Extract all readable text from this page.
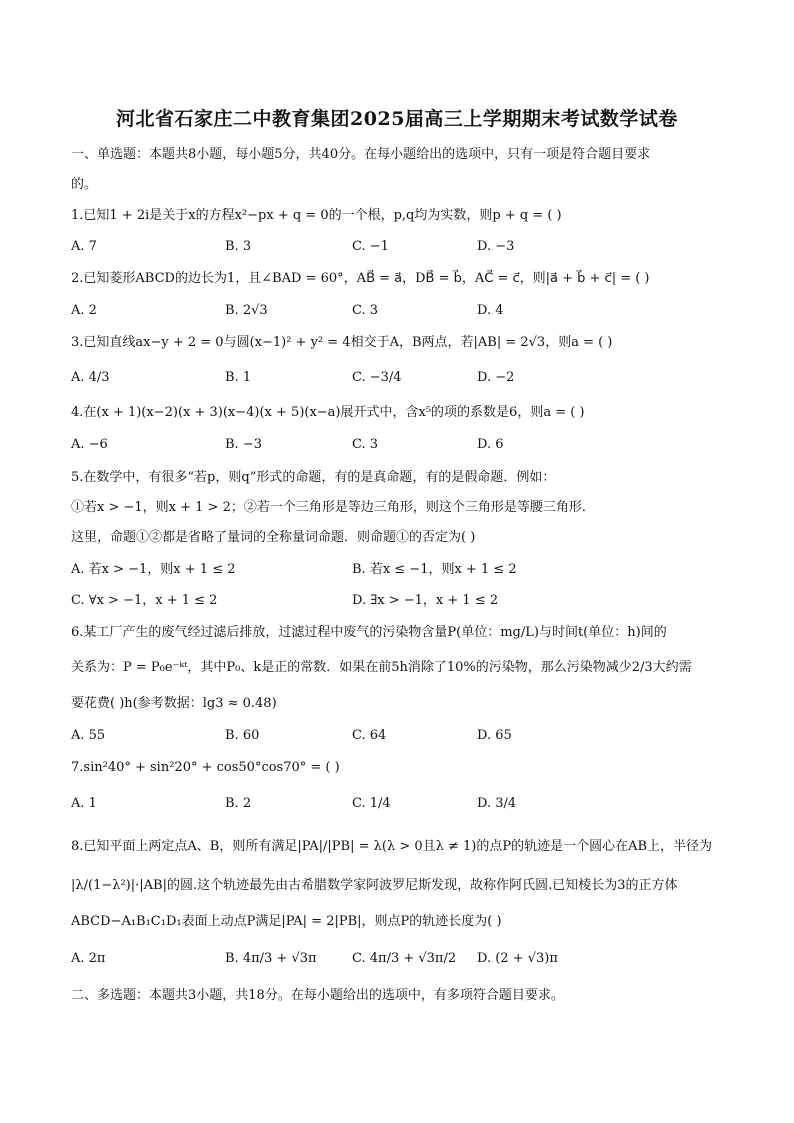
河北省石家庄二中教育集团2025届高三上学期期末考试数学试卷
一、单选题：本题共8小题，每小题5分，共40分。在每小题给出的选项中，只有一项是符合题目要求
的。
1.已知1 + 2i是关于x的方程x²−px + q = 0的一个根，p,q均为实数，则p + q = ( )
A. 7	B. 3	C. −1	D. −3
2.已知菱形ABCD的边长为1，且∠BAD = 60°，AB⃗ = a⃗，DB⃗ = b⃗，AC⃗ = c⃗，则|a⃗ + b⃗ + c⃗| = ( )
A. 2	B. 2√3	C. 3	D. 4
3.已知直线ax−y + 2 = 0与圆(x−1)² + y² = 4相交于A，B两点，若|AB| = 2√3，则a = ( )
A. 4/3	B. 1	C. −3/4	D. −2
4.在(x + 1)(x−2)(x + 3)(x−4)(x + 5)(x−a)展开式中，含x⁵的项的系数是6，则a = ( )
A. −6	B. −3	C. 3	D. 6
5.在数学中，有很多“若p，则q”形式的命题，有的是真命题，有的是假命题．例如：
①若x > −1，则x + 1 > 2；②若一个三角形是等边三角形，则这个三角形是等腰三角形．
这里，命题①②都是省略了量词的全称量词命题．则命题①的否定为( )
A. 若x > −1，则x + 1 ≤ 2	B. 若x ≤ −1，则x + 1 ≤ 2
C. ∀x > −1，x + 1 ≤ 2	D. ∃x > −1，x + 1 ≤ 2
6.某工厂产生的废气经过滤后排放，过滤过程中废气的污染物含量P(单位：mg/L)与时间t(单位：h)间的
关系为：P = P₀e⁻ᵏᵗ，其中P₀、k是正的常数．如果在前5h消除了10%的污染物，那么污染物减少2/3大约需
要花费( )h(参考数据：lg3 ≈ 0.48)
A. 55	B. 60	C. 64	D. 65
7.sin²40° + sin²20° + cos50°cos70° = ( )
A. 1	B. 2	C. 1/4	D. 3/4
8.已知平面上两定点A、B，则所有满足|PA|/|PB| = λ(λ > 0且λ ≠ 1)的点P的轨迹是一个圆心在AB上，半径为
|λ/(1−λ²)|·|AB|的圆.这个轨迹最先由古希腊数学家阿波罗尼斯发现，故称作阿氏圆.已知棱长为3的正方体
ABCD−A₁B₁C₁D₁表面上动点P满足|PA| = 2|PB|，则点P的轨迹长度为( )
A. 2π	B. 4π/3 + √3π	C. 4π/3 + √3π/2 D. (2 + √3)π
二、多选题：本题共3小题，共18分。在每小题给出的选项中，有多项符合题目要求。
